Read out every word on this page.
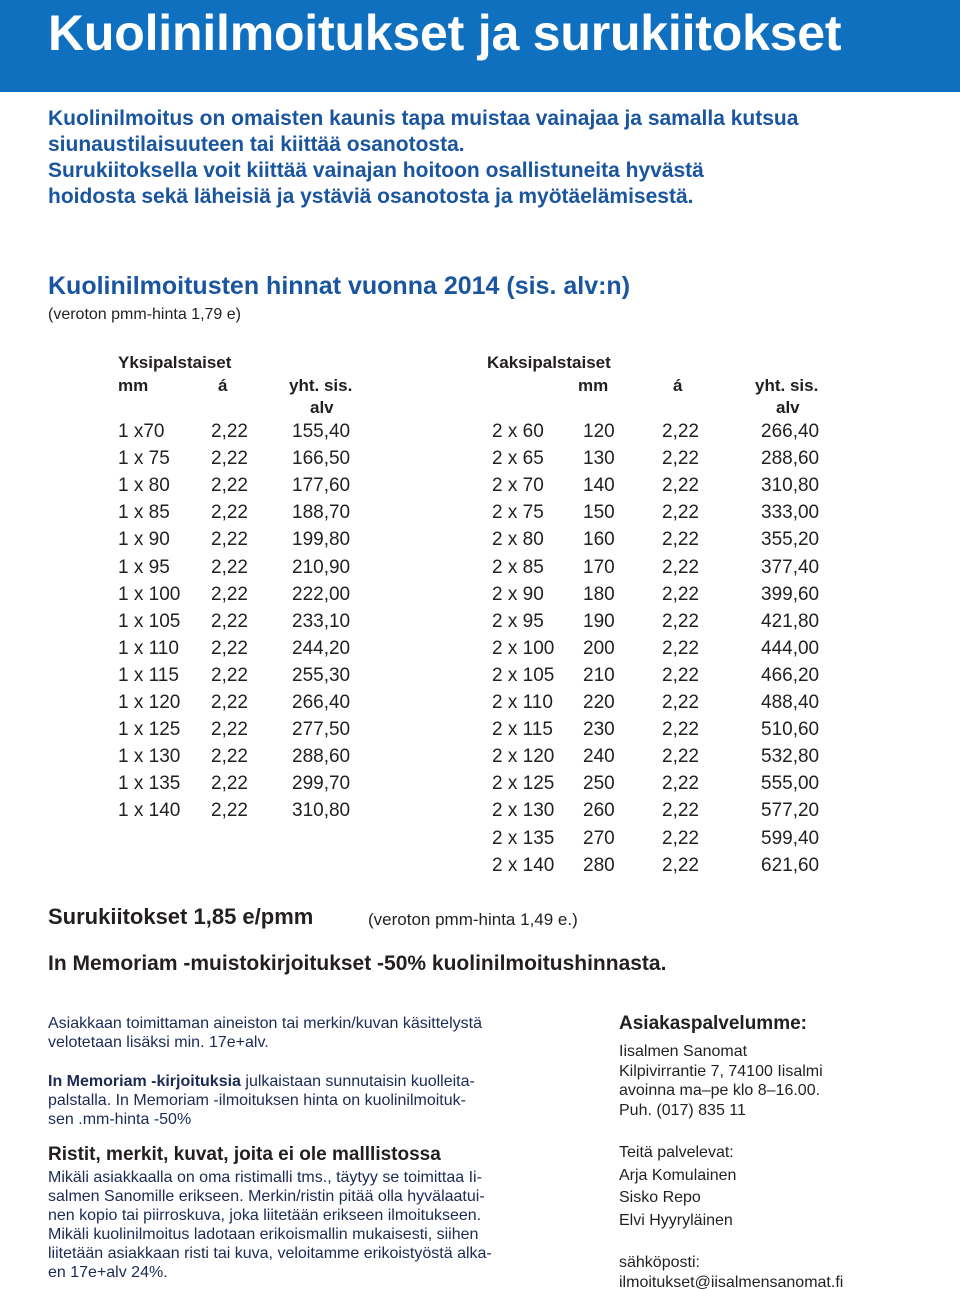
Kuolinilmoitukset ja surukiitokset

Kuolinilmoitus on omaisten kaunis tapa muistaa vainajaa ja samalla kutsua

siunaustilaisuuteen tai kiittää osanotosta.

Surukiitoksella voit kiittää vainajan hoitoon osallistuneita hyvästä

hoidosta sekä läheisiä ja ystäviä osanotosta ja myötäelämisestä.

Kuolinilmoitusten hinnat vuonna 2014 (sis. alv:n)
(veroton pmm-hinta 1,79 e)
Yksipalstaiset
mm	á	yht. sis.
alv
1 x70 2,22 155,40
1 x 75 2,22 166,50
1 x 80 2,22 177,60
1 x 85 2,22 188,70
1 x 90 2,22 199,80
1 x 95 2,22 210,90
1 x 100 2,22 222,00
1 x 105 2,22 233,10
1 x 110 2,22 244,20
1 x 115 2,22 255,30
1 x 120 2,22 266,40
1 x 125 2,22 277,50
1 x 130 2,22 288,60
1 x 135 2,22 299,70
1 x 140 2,22 310,80
Kaksipalstaiset
mm	á	yht. sis.
alv
2 x 60 120 2,22	266,40
2 x 65 130 2,22	288,60
2 x 70 140 2,22	310,80
2 x 75 150 2,22	333,00
2 x 80 160 2,22	355,20
2 x 85 170 2,22	377,40
2 x 90 180 2,22	399,60
2 x 95 190 2,22	421,80
2 x 100 200 2,22	444,00
2 x 105 210 2,22	466,20
2 x 110 220 2,22	488,40
2 x 115 230 2,22	510,60
2 x 120 240 2,22	532,80
2 x 125 250 2,22	555,00
2 x 130 260 2,22	577,20
2 x 135 270 2,22	599,40
2 x 140 280 2,22	621,60
Surukiitokset 1,85 e/pmm	(veroton pmm-hinta 1,49 e.)
In Memoriam -muistokirjoitukset -50% kuolinilmoitushinnasta.
Asiakkaan toimittaman aineiston tai merkin/kuvan käsittelystä
velotetaan lisäksi min. 17e+alv.
In Memoriam -kirjoituksia julkaistaan sunnutaisin kuolleita-
palstalla. In Memoriam -ilmoituksen hinta on kuolinilmoituk-
sen .mm-hinta -50%
Ristit, merkit, kuvat, joita ei ole malllistossa
Mikäli asiakkaalla on oma ristimalli tms., täytyy se toimittaa Ii-
salmen Sanomille erikseen. Merkin/ristin pitää olla hyvälaatui-
nen kopio tai piirroskuva, joka liitetään erikseen ilmoitukseen.
Mikäli kuolinilmoitus ladotaan erikoismallin mukaisesti, siihen
liitetään asiakkaan risti tai kuva, veloitamme erikoistyöstä alka-
en 17e+alv 24%.
Asiakaspalvelumme:
Iisalmen Sanomat
Kilpivirrantie 7, 74100 Iisalmi
avoinna ma–pe klo 8–16.00.
Puh. (017) 835 11
Teitä palvelevat:
Arja Komulainen
Sisko Repo
Elvi Hyyryläinen
sähköposti:
ilmoitukset@iisalmensanomat.fi
